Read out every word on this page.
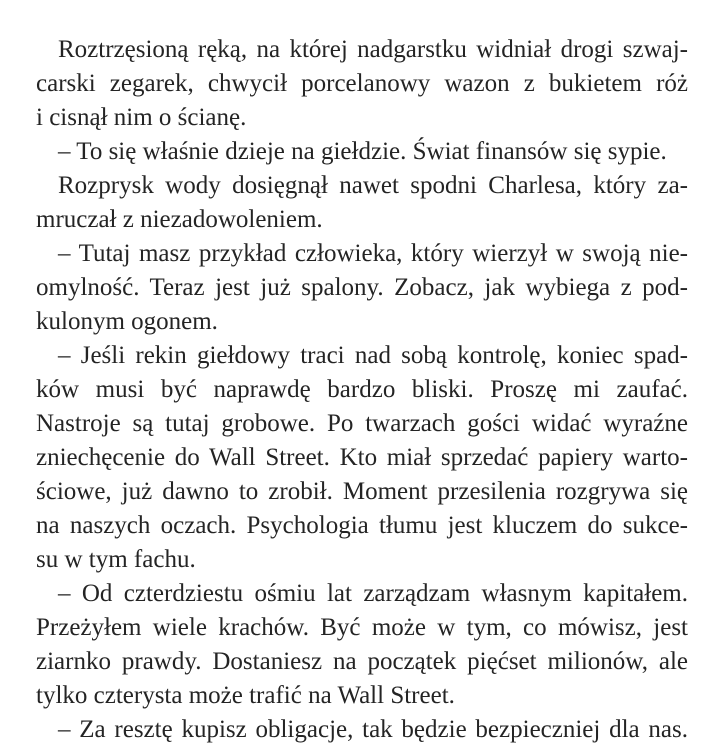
Roztrzęsioną ręką, na której nadgarstku widniał drogi szwaj-
carski zegarek, chwycił porcelanowy wazon z bukietem róż
i cisnął nim o ścianę.
– To się właśnie dzieje na giełdzie. Świat finansów się sypie.
Rozprysk wody dosięgnął nawet spodni Charlesa, który za-
mruczał z niezadowoleniem.
– Tutaj masz przykład człowieka, który wierzył w swoją nie-
omylność. Teraz jest już spalony. Zobacz, jak wybiega z pod-
kulonym ogonem.
– Jeśli rekin giełdowy traci nad sobą kontrolę, koniec spad-
ków musi być naprawdę bardzo bliski. Proszę mi zaufać.
Nastroje są tutaj grobowe. Po twarzach gości widać wyraźne
zniechęcenie do Wall Street. Kto miał sprzedać papiery warto-
ściowe, już dawno to zrobił. Moment przesilenia rozgrywa się
na naszych oczach. Psychologia tłumu jest kluczem do sukce-
su w tym fachu.
– Od czterdziestu ośmiu lat zarządzam własnym kapitałem.
Przeżyłem wiele krachów. Być może w tym, co mówisz, jest
ziarnko prawdy. Dostaniesz na początek pięćset milionów, ale
tylko czterysta może trafić na Wall Street.
– Za resztę kupisz obligacje, tak będzie bezpieczniej dla nas.
